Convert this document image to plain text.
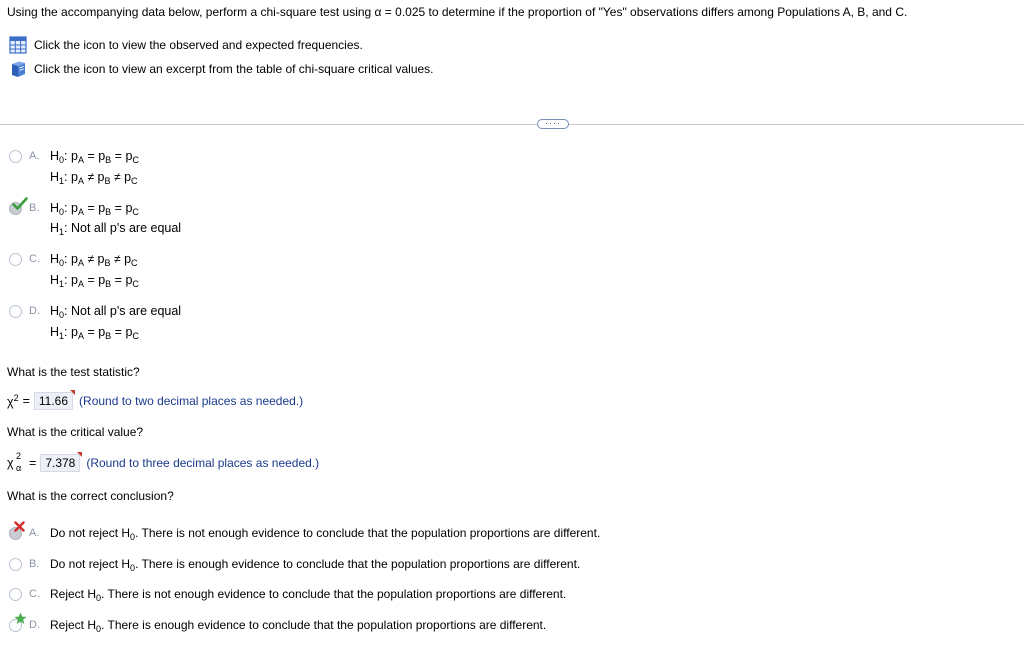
Using the accompanying data below, perform a chi-square test using α = 0.025 to determine if the proportion of "Yes" observations differs among Populations A, B, and C.
Click the icon to view the observed and expected frequencies.
Click the icon to view an excerpt from the table of chi-square critical values.
····
A. $H_0$: $p_A = p_B = p_C$
$H_1$: $p_A \ne p_B \ne p_C$
B. $H_0$: $p_A = p_B = p_C$
$H_1$: Not all p's are equal
C. $H_0$: $p_A \ne p_B \ne p_C$
$H_1$: $p_A = p_B = p_C$
D. $H_0$: Not all p's are equal
$H_1$: $p_A = p_B = p_C$
What is the test statistic?
$\chi^2 = 11.66$ (Round to two decimal places as needed.)
What is the critical value?
χ 2
α = 7.378 (Round to three decimal places as needed.)
What is the correct conclusion?
A. Do not reject $H_0$. There is not enough evidence to conclude that the population proportions are different.
B. Do not reject $H_0$. There is enough evidence to conclude that the population proportions are different.
C. Reject $H_0$. There is not enough evidence to conclude that the population proportions are different.
D. Reject $H_0$. There is enough evidence to conclude that the population proportions are different.
